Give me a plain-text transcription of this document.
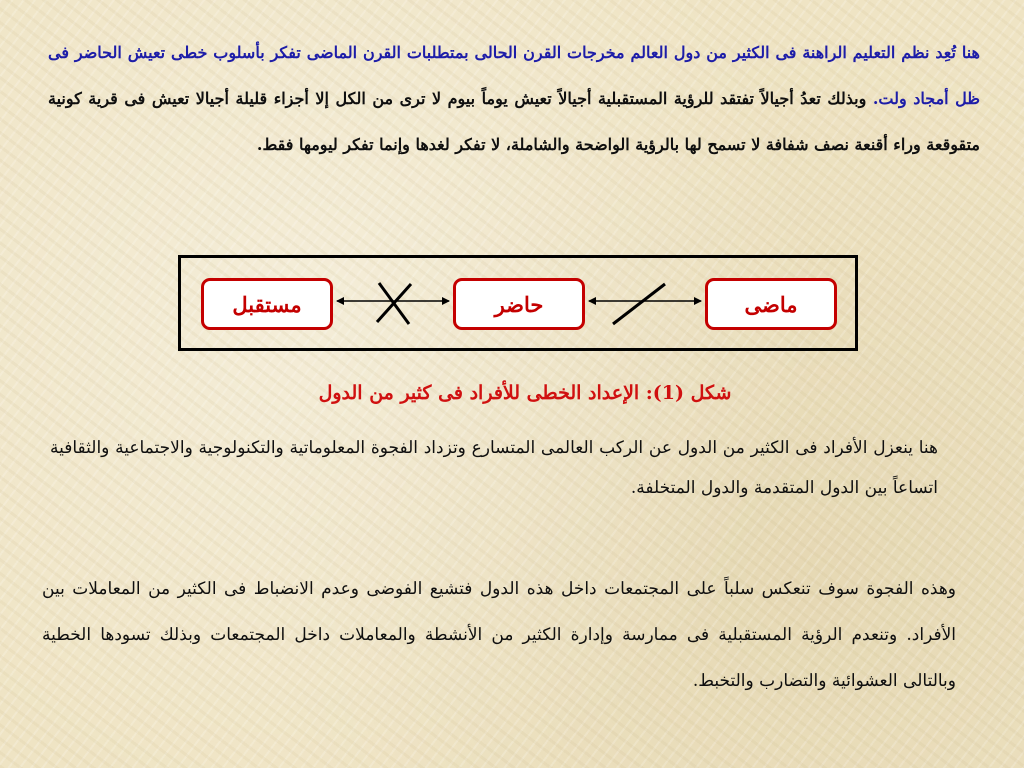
هنا تُعِد نظم التعليم الراهنة فى الكثير من دول العالم مخرجات القرن الحالى بمتطلبات القرن الماضى تفكر بأسلوب خطى تعيش الحاضر فى ظل أمجاد ولت. وبذلك تعدُ أجيالاً تفتقد للرؤية المستقبلية أجيالاً تعيش يوماً بيوم لا ترى من الكل إلا أجزاء قليلة أجيالا تعيش فى قرية كونية متقوقعة وراء أقنعة نصف شفافة لا تسمح لها بالرؤية الواضحة والشاملة، لا تفكر لغدها وإنما تفكر ليومها فقط.

ماضى
حاضر
مستقبل

شكل (1): الإعداد الخطى للأفراد فى كثير من الدول

هنا ينعزل الأفراد فى الكثير من الدول عن الركب العالمى المتسارع وتزداد الفجوة المعلوماتية والتكنولوجية والاجتماعية والثقافية اتساعاً بين الدول المتقدمة والدول المتخلفة.

وهذه الفجوة سوف تنعكس سلباً على المجتمعات داخل هذه الدول فتشيع الفوضى وعدم الانضباط فى الكثير من المعاملات بين الأفراد. وتنعدم الرؤية المستقبلية فى ممارسة وإدارة الكثير من الأنشطة والمعاملات داخل المجتمعات وبذلك تسودها الخطية وبالتالى العشوائية والتضارب والتخبط.
